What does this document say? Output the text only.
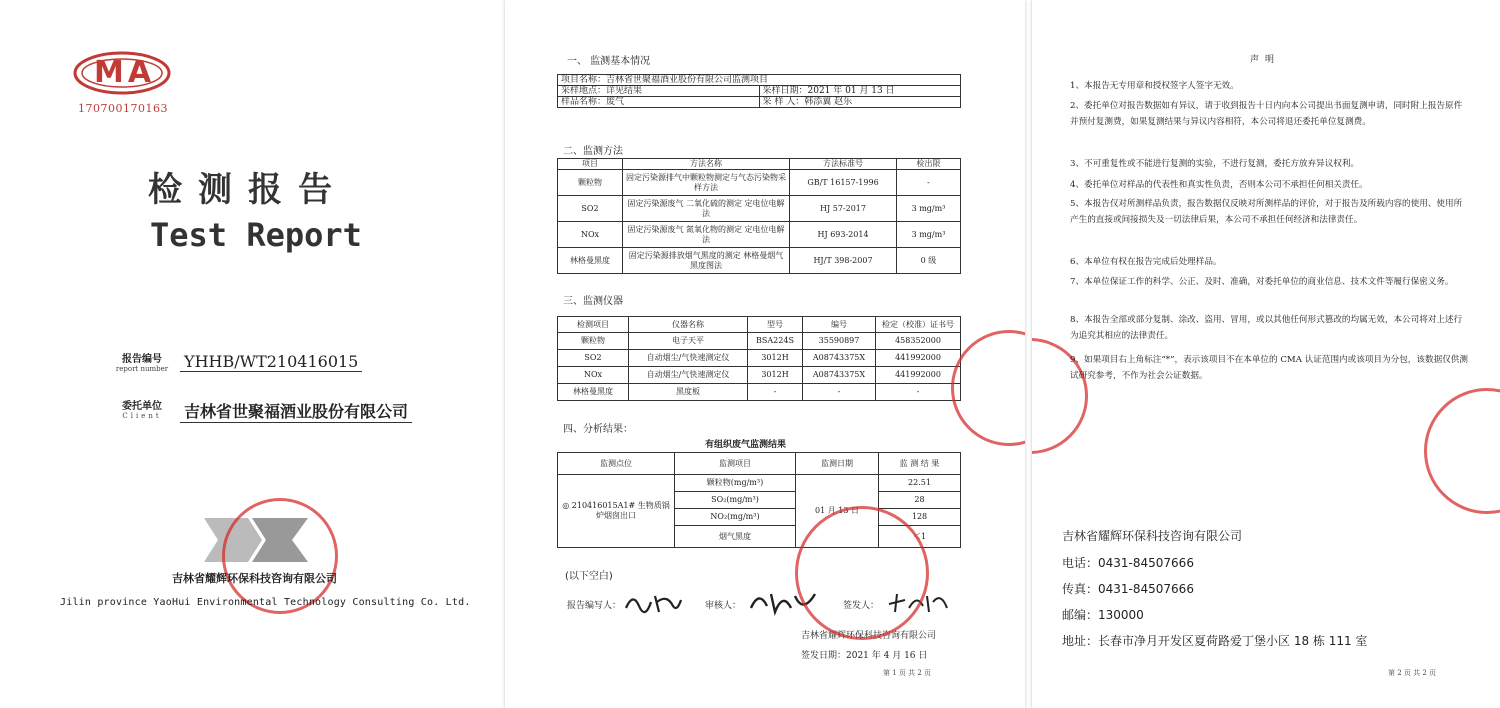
MA
170700170163
检测报告
Test Report
报告编号
report number YHHB/WT210416015
委托单位
Client	吉林省世聚福酒业股份有限公司
吉林省耀辉环保科技咨询有限公司
Jilin province YaoHui Environmental Technology Consulting Co. Ltd.
一、 监测基本情况
项目名称：吉林省世聚福酒业股份有限公司监测项目	
采样地点：详见结果	采样日期：2021 年 01 月 13 日
样品名称：废气	采 样 人：韩添翼 赵乐
二、监测方法
项目	方法名称	方法标准号	检出限
颗粒物	固定污染源排气中颗粒物测定与气态污染物采样方法	GB/T 16157-1996	-
SO2	固定污染源废气 二氧化硫的测定 定电位电解法	HJ 57-2017	3 mg/m³
NOx	固定污染源废气 氮氧化物的测定 定电位电解法	HJ 693-2014	3 mg/m³
林格曼黑度	固定污染源排放烟气黑度的测定 林格曼烟气黑度图法	HJ/T 398-2007	0 级
三、监测仪器
检测项目	仪器名称	型号	编号	检定（校准）证书号
颗粒物	电子天平	BSA224S	35590897	458352000
SO2	自动烟尘/气快速测定仪	3012H	A08743375X	441992000
NOx	自动烟尘/气快速测定仪	3012H	A08743375X	441992000
林格曼黑度	黑度板	-	-	-
四、分析结果：
有组织废气监测结果
监测点位	监测项目	监测日期	监 测 结 果
◎ 210416015A1# 生物质锅炉烟囱出口	颗粒物(mg/m³)	01 月 13 日	22.51
	SO₂(mg/m³)		28
	NO₂(mg/m³)		128
	烟气黑度		＜1
(以下空白)
报告编写人：	审核人：	签发人：
吉林省耀辉环保科技咨询有限公司
签发日期：2021 年 4 月 16 日
第 1 页 共 2 页
声明
1、本报告无专用章和授权签字人签字无效。
2、委托单位对报告数据如有异议，请于收到报告十日内向本公司提出书面复测申请，同时附上报告原件并预付复测费，如果复测结果与异议内容相符，本公司将退还委托单位复测费。
3、不可重复性或不能进行复测的实验，不进行复测，委托方放弃异议权利。
4、委托单位对样品的代表性和真实性负责，否则本公司不承担任何相关责任。
5、本报告仅对所测样品负责，报告数据仅反映对所测样品的评价，对于报告及所载内容的使用、使用所产生的直接或间接损失及一切法律后果，本公司不承担任何经济和法律责任。
6、本单位有权在报告完成后处理样品。
7、本单位保证工作的科学、公正、及时、准确，对委托单位的商业信息、技术文件等履行保密义务。
8、本报告全部或部分复制、涂改、盗用、冒用，或以其他任何形式篡改的均属无效，本公司将对上述行为追究其相应的法律责任。
9、如果项目右上角标注“*”，表示该项目不在本单位的 CMA 认证范围内或该项目为分包，该数据仅供测试研究参考，不作为社会公证数据。
吉林省耀辉环保科技咨询有限公司
电话：0431-84507666
传真：0431-84507666
邮编：130000
地址：长春市净月开发区夏荷路爱丁堡小区 18 栋 111 室
第 2 页 共 2 页
